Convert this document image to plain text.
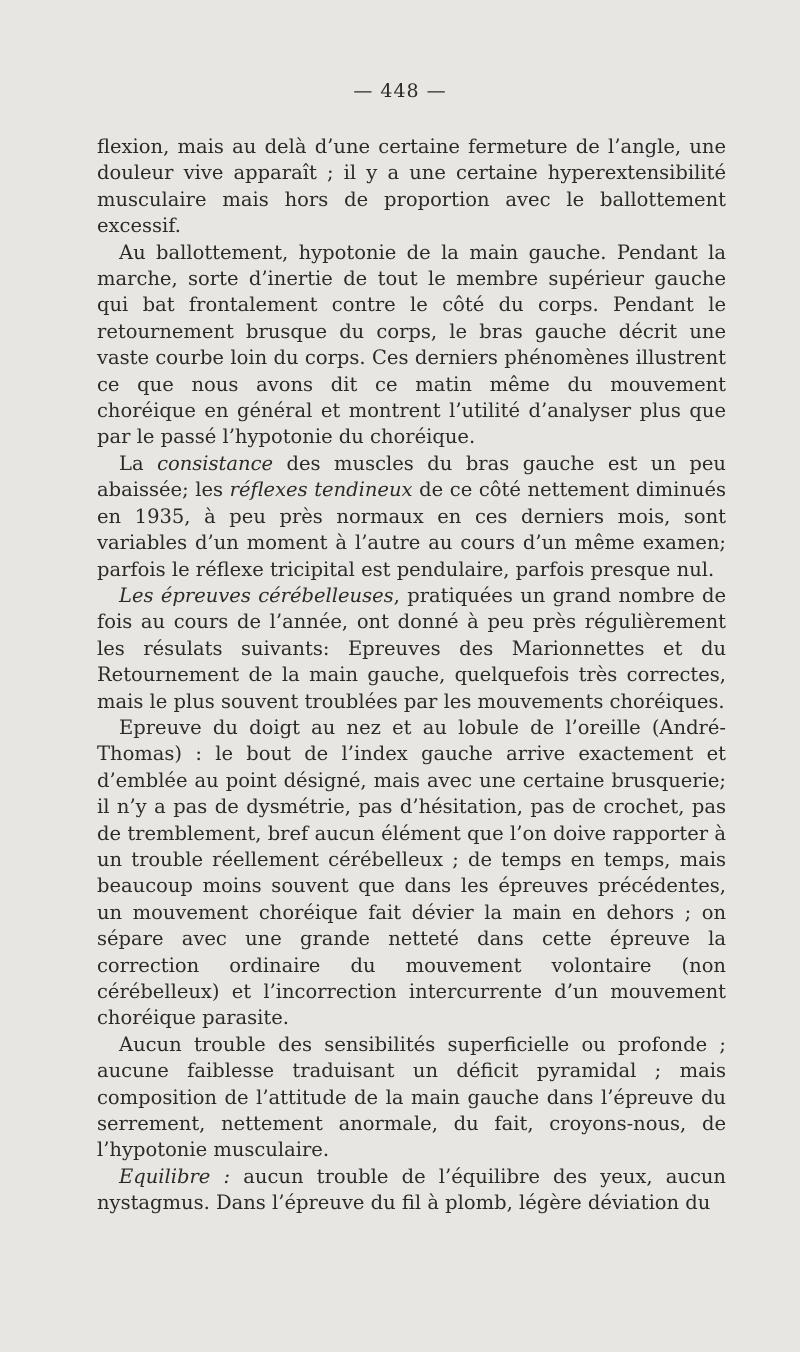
— 448 —

flexion, mais au delà d’une certaine fermeture de l’angle, une douleur vive apparaît ; il y a une certaine hyperextensibilité musculaire mais hors de proportion avec le ballottement excessif.

Au ballottement, hypotonie de la main gauche. Pendant la marche, sorte d’inertie de tout le membre supérieur gauche qui bat frontalement contre le côté du corps. Pendant le retournement brusque du corps, le bras gauche décrit une vaste courbe loin du corps. Ces derniers phénomènes illustrent ce que nous avons dit ce matin même du mouvement choréique en général et montrent l’utilité d’analyser plus que par le passé l’hypotonie du choréique.

La consistance des muscles du bras gauche est un peu abaissée; les réflexes tendineux de ce côté nettement diminués en 1935, à peu près normaux en ces derniers mois, sont variables d’un moment à l’autre au cours d’un même examen; parfois le réflexe tricipital est pendulaire, parfois presque nul.

Les épreuves cérébelleuses, pratiquées un grand nombre de fois au cours de l’année, ont donné à peu près régulièrement les résulats suivants: Epreuves des Marionnettes et du Retournement de la main gauche, quelquefois très correctes, mais le plus souvent troublées par les mouvements choréiques.

Epreuve du doigt au nez et au lobule de l’oreille (André-Thomas) : le bout de l’index gauche arrive exactement et d’emblée au point désigné, mais avec une certaine brusquerie; il n’y a pas de dysmétrie, pas d’hésitation, pas de crochet, pas de tremblement, bref aucun élément que l’on doive rapporter à un trouble réellement cérébelleux ; de temps en temps, mais beaucoup moins souvent que dans les épreuves précédentes, un mouvement choréique fait dévier la main en dehors ; on sépare avec une grande netteté dans cette épreuve la correction ordinaire du mouvement volontaire (non cérébelleux) et l’incorrection intercurrente d’un mouvement choréique parasite.

Aucun trouble des sensibilités superficielle ou profonde ; aucune faiblesse traduisant un déficit pyramidal ; mais composition de l’attitude de la main gauche dans l’épreuve du serrement, nettement anormale, du fait, croyons-nous, de l’hypotonie musculaire.

Equilibre : aucun trouble de l’équilibre des yeux, aucun nystagmus. Dans l’épreuve du fil à plomb, légère déviation du
